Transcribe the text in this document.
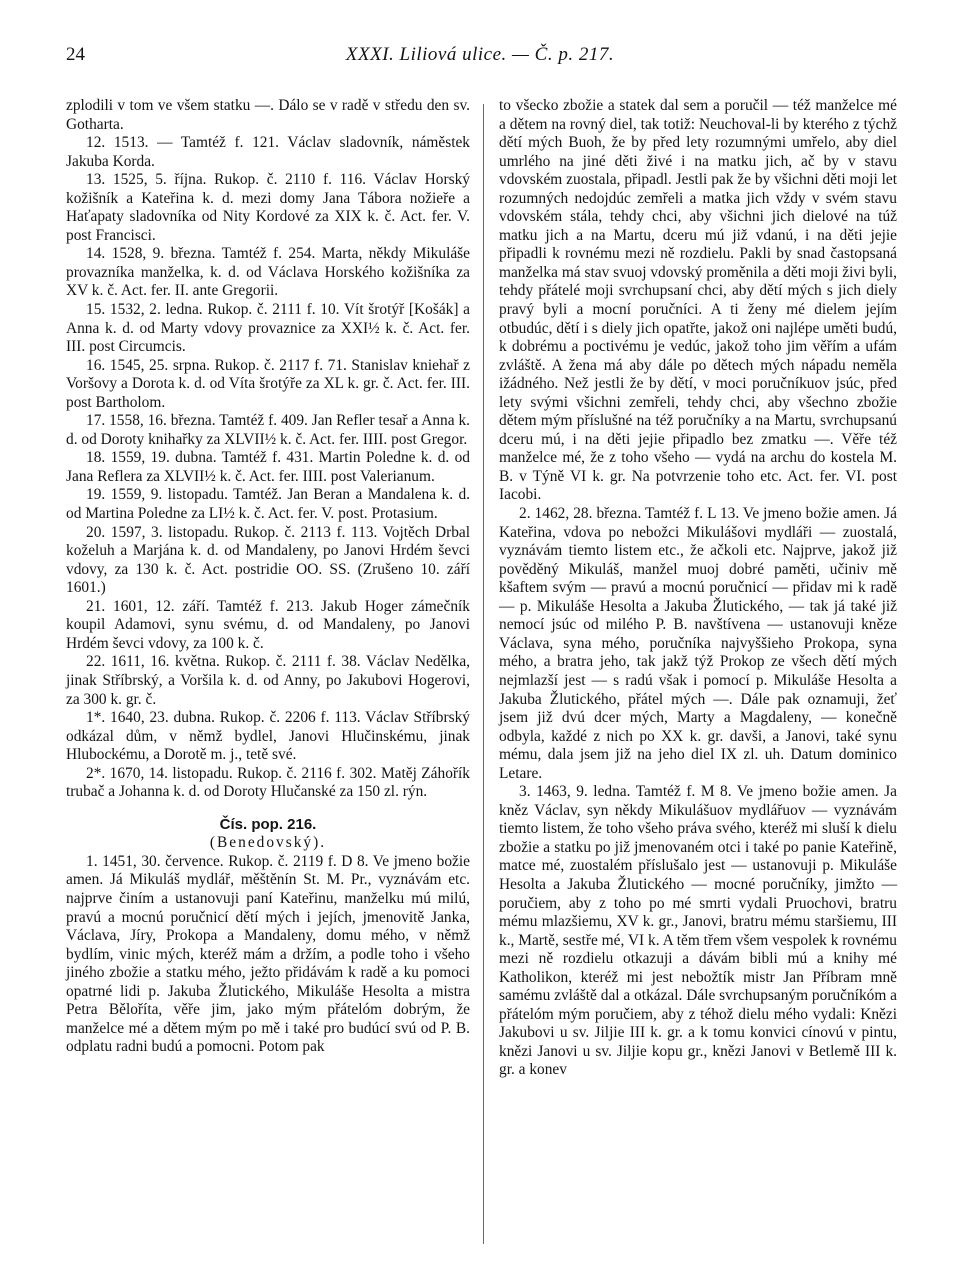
24	XXXI. Liliová ulice. — Č. p. 217.

zplodili v tom ve všem statku —. Dálo se v radě v středu den sv. Gotharta.

12. 1513. — Tamtéž f. 121. Václav sladovník, náměstek Jakuba Korda.

13. 1525, 5. října. Rukop. č. 2110 f. 116. Václav Horský kožišník a Kateřina k. d. mezi domy Jana Tábora nožieře a Haťapaty sladovníka od Nity Kordové za XIX k. č. Act. fer. V. post Francisci.

14. 1528, 9. března. Tamtéž f. 254. Marta, někdy Mikuláše provazníka manželka, k. d. od Václava Horského kožišníka za XV k. č. Act. fer. II. ante Gregorii.

15. 1532, 2. ledna. Rukop. č. 2111 f. 10. Vít šrotýř [Košák] a Anna k. d. od Marty vdovy provaznice za XXI½ k. č. Act. fer. III. post Circumcis.

16. 1545, 25. srpna. Rukop. č. 2117 f. 71. Stanislav kniehař z Voršovy a Dorota k. d. od Víta šrotýře za XL k. gr. č. Act. fer. III. post Bartholom.

17. 1558, 16. března. Tamtéž f. 409. Jan Refler tesař a Anna k. d. od Doroty knihařky za XLVII½ k. č. Act. fer. IIII. post Gregor.

18. 1559, 19. dubna. Tamtéž f. 431. Martin Poledne k. d. od Jana Reflera za XLVII½ k. č. Act. fer. IIII. post Valerianum.

19. 1559, 9. listopadu. Tamtéž. Jan Beran a Mandalena k. d. od Martina Poledne za LI½ k. č. Act. fer. V. post. Protasium.

20. 1597, 3. listopadu. Rukop. č. 2113 f. 113. Vojtěch Drbal koželuh a Marjána k. d. od Mandaleny, po Janovi Hrdém ševci vdovy, za 130 k. č. Act. postridie OO. SS. (Zrušeno 10. září 1601.)

21. 1601, 12. září. Tamtéž f. 213. Jakub Hoger zámečník koupil Adamovi, synu svému, d. od Mandaleny, po Janovi Hrdém ševci vdovy, za 100 k. č.

22. 1611, 16. května. Rukop. č. 2111 f. 38. Václav Nedělka, jinak Stříbrský, a Voršila k. d. od Anny, po Jakubovi Hogerovi, za 300 k. gr. č.

1*. 1640, 23. dubna. Rukop. č. 2206 f. 113. Václav Stříbrský odkázal dům, v němž bydlel, Janovi Hlučinskému, jinak Hlubockému, a Dorotě m. j., tetě své.

2*. 1670, 14. listopadu. Rukop. č. 2116 f. 302. Matěj Záhořík trubač a Johanna k. d. od Doroty Hlučanské za 150 zl. rýn.

Čís. pop. 216.

(Benedovský).

1. 1451, 30. července. Rukop. č. 2119 f. D 8. Ve jmeno božie amen. Já Mikuláš mydlář, měštěnín St. M. Pr., vyznávám etc. najprve činím a ustanovuji paní Kateřinu, manželku mú milú, pravú a mocnú poručnicí dětí mých i jejích, jmenovitě Janka, Václava, Jíry, Prokopa a Mandaleny, domu mého, v němž bydlím, vinic mých, kteréž mám a držím, a podle toho i všeho jiného zbožie a statku mého, ježto přidávám k radě a ku pomoci opatrné lidi p. Jakuba Žlutického, Mikuláše Hesolta a mistra Petra Běloříta, věře jim, jako mým přátelóm dobrým, že manželce mé a dětem mým po mě i také pro budúcí svú od P. B. odplatu radni budú a pomocni. Potom pak

to všecko zbožie a statek dal sem a poručil — též manželce mé a dětem na rovný diel, tak totiž: Neuchoval-li by kterého z týchž dětí mých Buoh, že by před lety rozumnými umřelo, aby diel umrlého na jiné děti živé i na matku jich, ač by v stavu vdovském zuostala, připadl. Jestli pak že by všichni děti moji let rozumných nedojdúc zemřeli a matka jich vždy v svém stavu vdovském stála, tehdy chci, aby všichni jich dielové na túž matku jich a na Martu, dceru mú již vdanú, i na děti jejie připadli k rovnému mezi ně rozdielu. Pakli by snad častopsaná manželka má stav svuoj vdovský proměnila a děti moji živi byli, tehdy přátelé moji svrchupsaní chci, aby dětí mých s jich diely pravý byli a mocní poručníci. A ti ženy mé dielem jejím otbudúc, dětí i s diely jich opatřte, jakož oni najlépe uměti budú, k dobrému a poctivému je vedúc, jakož toho jim věřím a ufám zvláště. A žena má aby dále po dětech mých nápadu neměla ižádného. Než jestli že by dětí, v moci poručníkuov jsúc, před lety svými všichni zemřeli, tehdy chci, aby všechno zbožie dětem mým příslušné na též poručníky a na Martu, svrchupsanú dceru mú, i na děti jejie připadlo bez zmatku —. Věře též manželce mé, že z toho všeho — vydá na archu do kostela M. B. v Týně VI k. gr. Na potvrzenie toho etc. Act. fer. VI. post Iacobi.

2. 1462, 28. března. Tamtéž f. L 13. Ve jmeno božie amen. Já Kateřina, vdova po nebožci Mikulášovi mydláři — zuostalá, vyznávám tiemto listem etc., že ačkoli etc. Najprve, jakož již pověděný Mikuláš, manžel muoj dobré paměti, učiniv mě kšaftem svým — pravú a mocnú poručnicí — přidav mi k radě — p. Mikuláše Hesolta a Jakuba Žlutického, — tak já také již nemocí jsúc od milého P. B. navštívena — ustanovuji kněze Václava, syna mého, poručníka najvyššieho Prokopa, syna mého, a bratra jeho, tak jakž týž Prokop ze všech dětí mých nejmlazší jest — s radú však i pomocí p. Mikuláše Hesolta a Jakuba Žlutického, přátel mých —. Dále pak oznamuji, žeť jsem již dvú dcer mých, Marty a Magdaleny, — konečně odbyla, každé z nich po XX k. gr. davši, a Janovi, také synu mému, dala jsem již na jeho diel IX zl. uh. Datum dominico Letare.

3. 1463, 9. ledna. Tamtéž f. M 8. Ve jmeno božie amen. Ja kněz Václav, syn někdy Mikulášuov mydlářuov — vyznávám tiemto listem, že toho všeho práva svého, kteréž mi sluší k dielu zbožie a statku po již jmenovaném otci i také po panie Kateřině, matce mé, zuostalém příslušalo jest — ustanovuji p. Mikuláše Hesolta a Jakuba Žlutického — mocné poručníky, jimžto — poručiem, aby z toho po mé smrti vydali Pruochovi, bratru mému mlazšiemu, XV k. gr., Janovi, bratru mému staršiemu, III k., Martě, sestře mé, VI k. A těm třem všem vespolek k rovnému mezi ně rozdielu otkazuji a dávám bibli mú a knihy mé Katholikon, kteréž mi jest nebožtík mistr Jan Příbram mně samému zvláště dal a otkázal. Dále svrchupsaným poručníkóm a přátelóm mým poručiem, aby z téhož dielu mého vydali: Knězi Jakubovi u sv. Jiljie III k. gr. a k tomu konvici cínovú v pintu, knězi Janovi u sv. Jiljie kopu gr., knězi Janovi v Betlemě III k. gr. a konev
